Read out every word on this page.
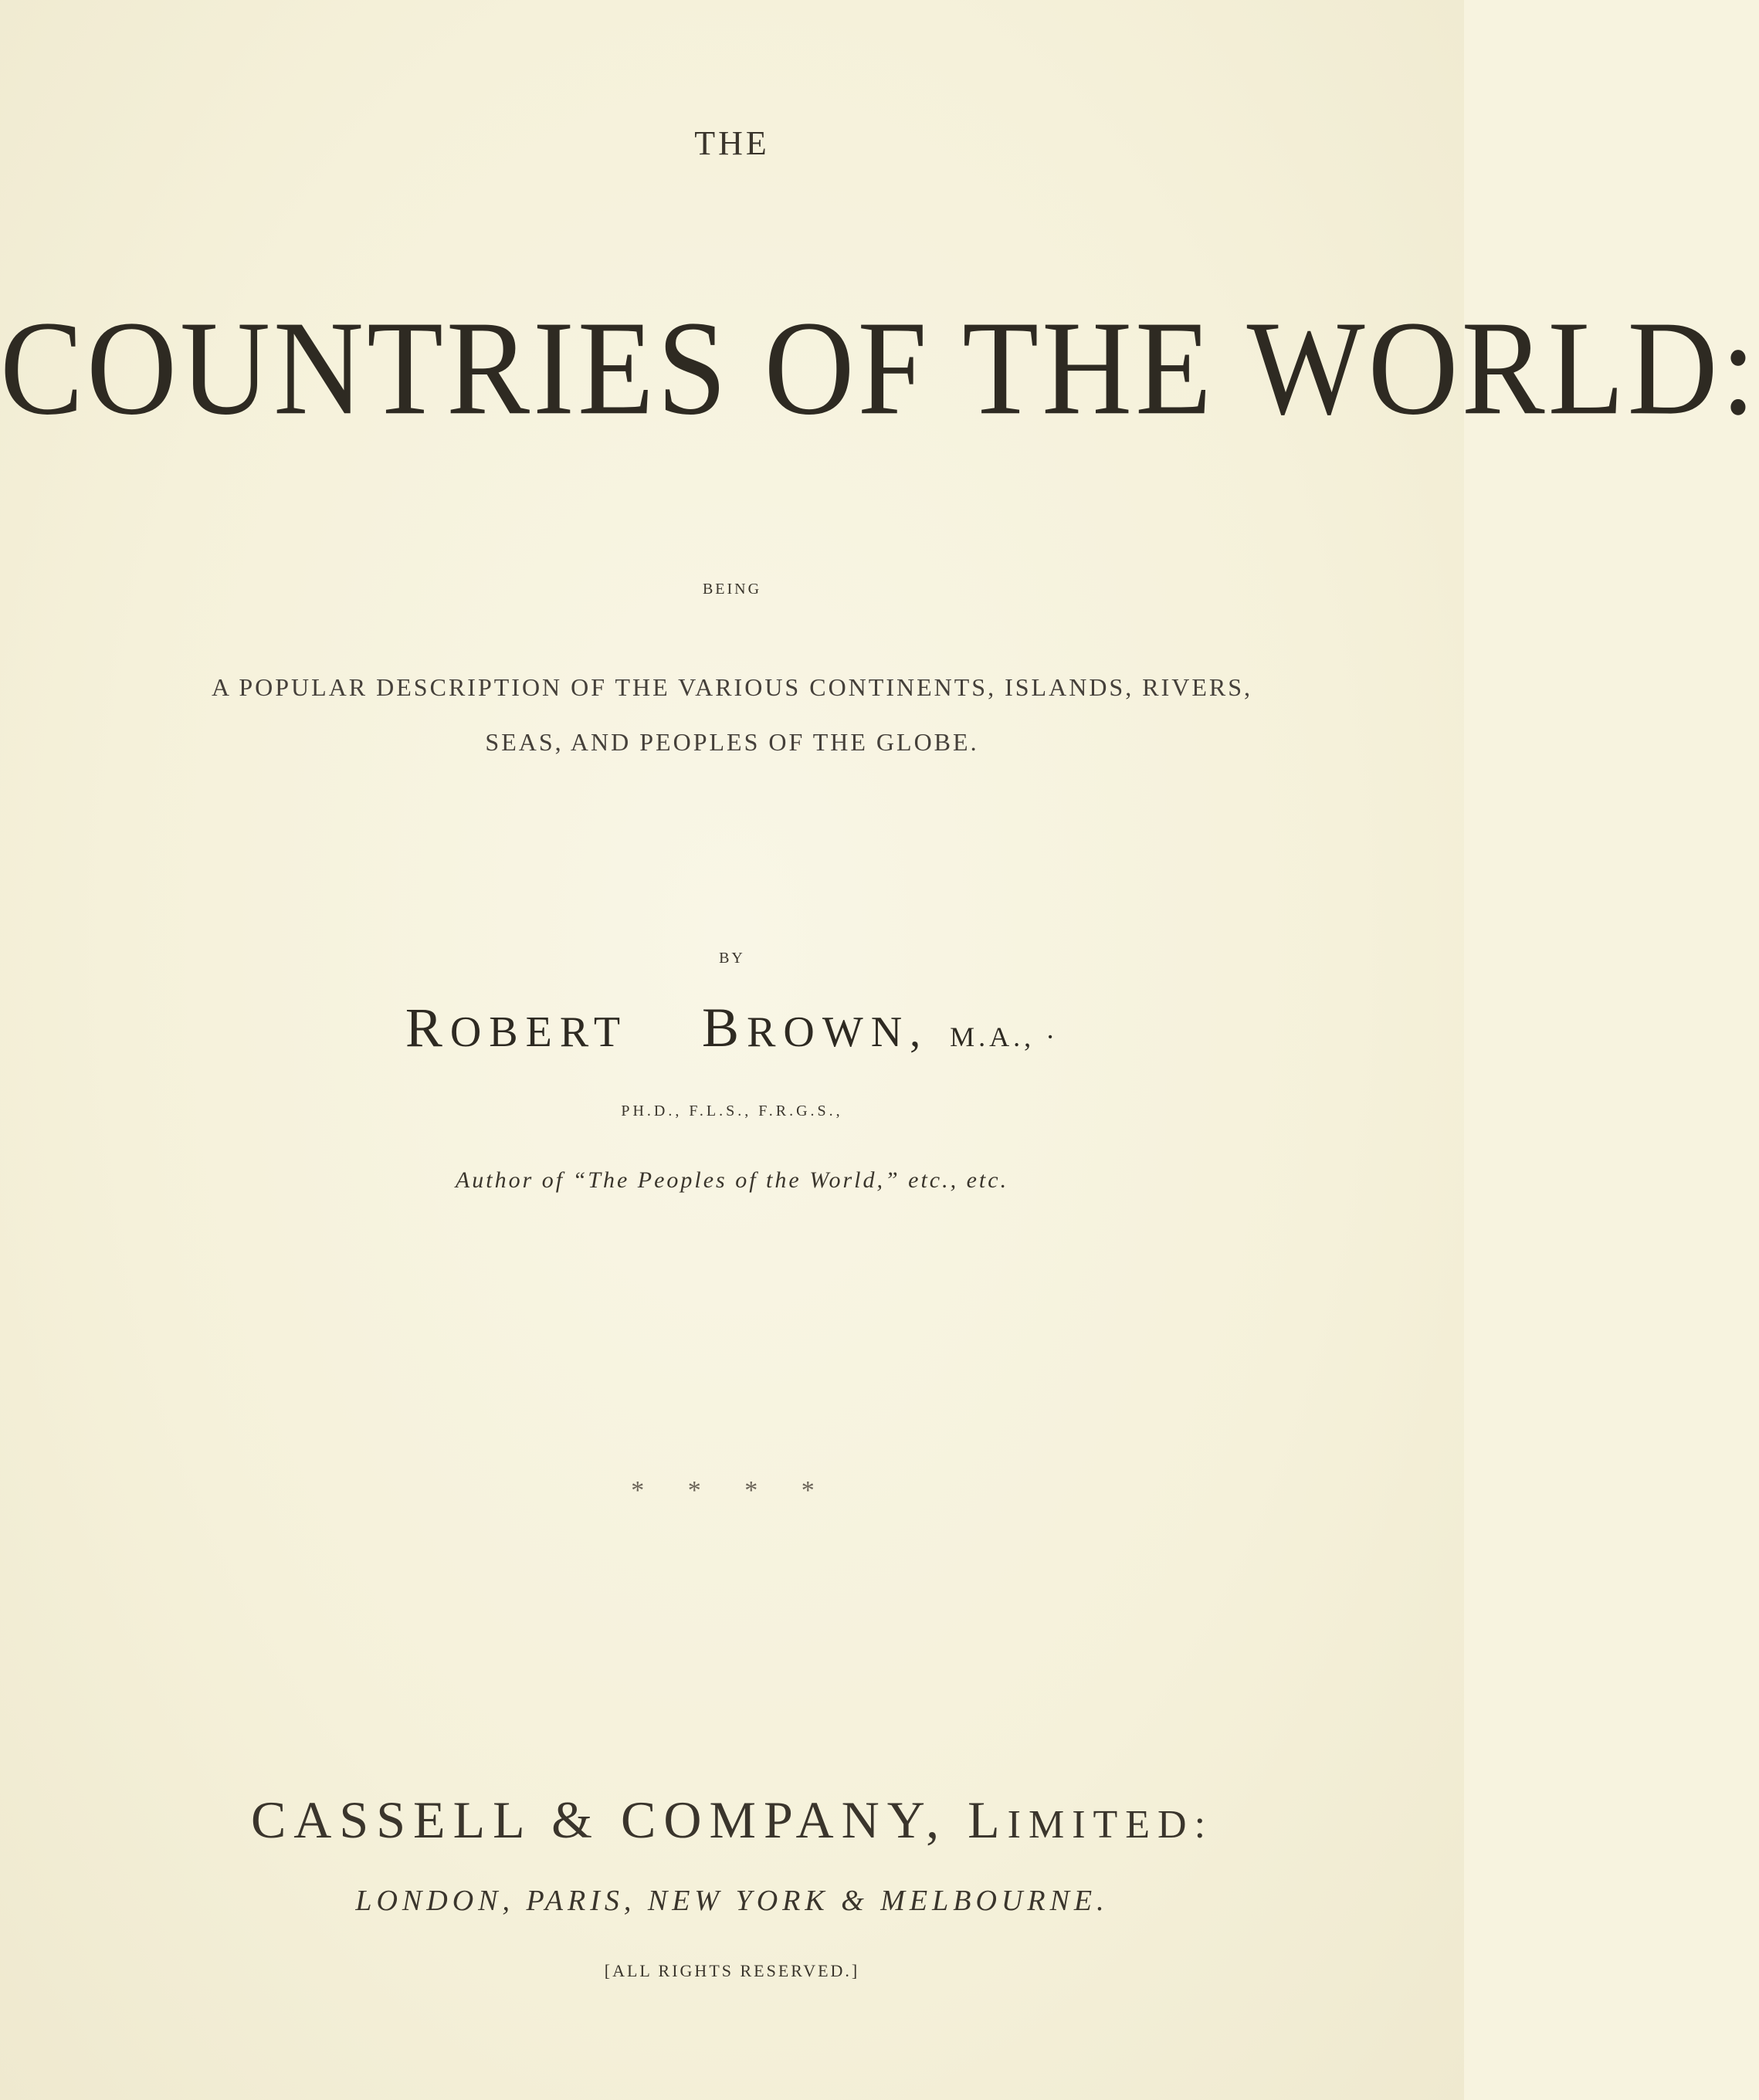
THE
COUNTRIES OF THE WORLD:
BEING
A POPULAR DESCRIPTION OF THE VARIOUS CONTINENTS, ISLANDS, RIVERS,
SEAS, AND PEOPLES OF THE GLOBE.
BY
ROBERT BROWN, M.A., ·
PH.D., F.L.S., F.R.G.S.,
Author of “The Peoples of the World,” etc., etc.
* * * *
CASSELL & COMPANY, LIMITED:
LONDON, PARIS, NEW YORK & MELBOURNE.
[ALL RIGHTS RESERVED.]
